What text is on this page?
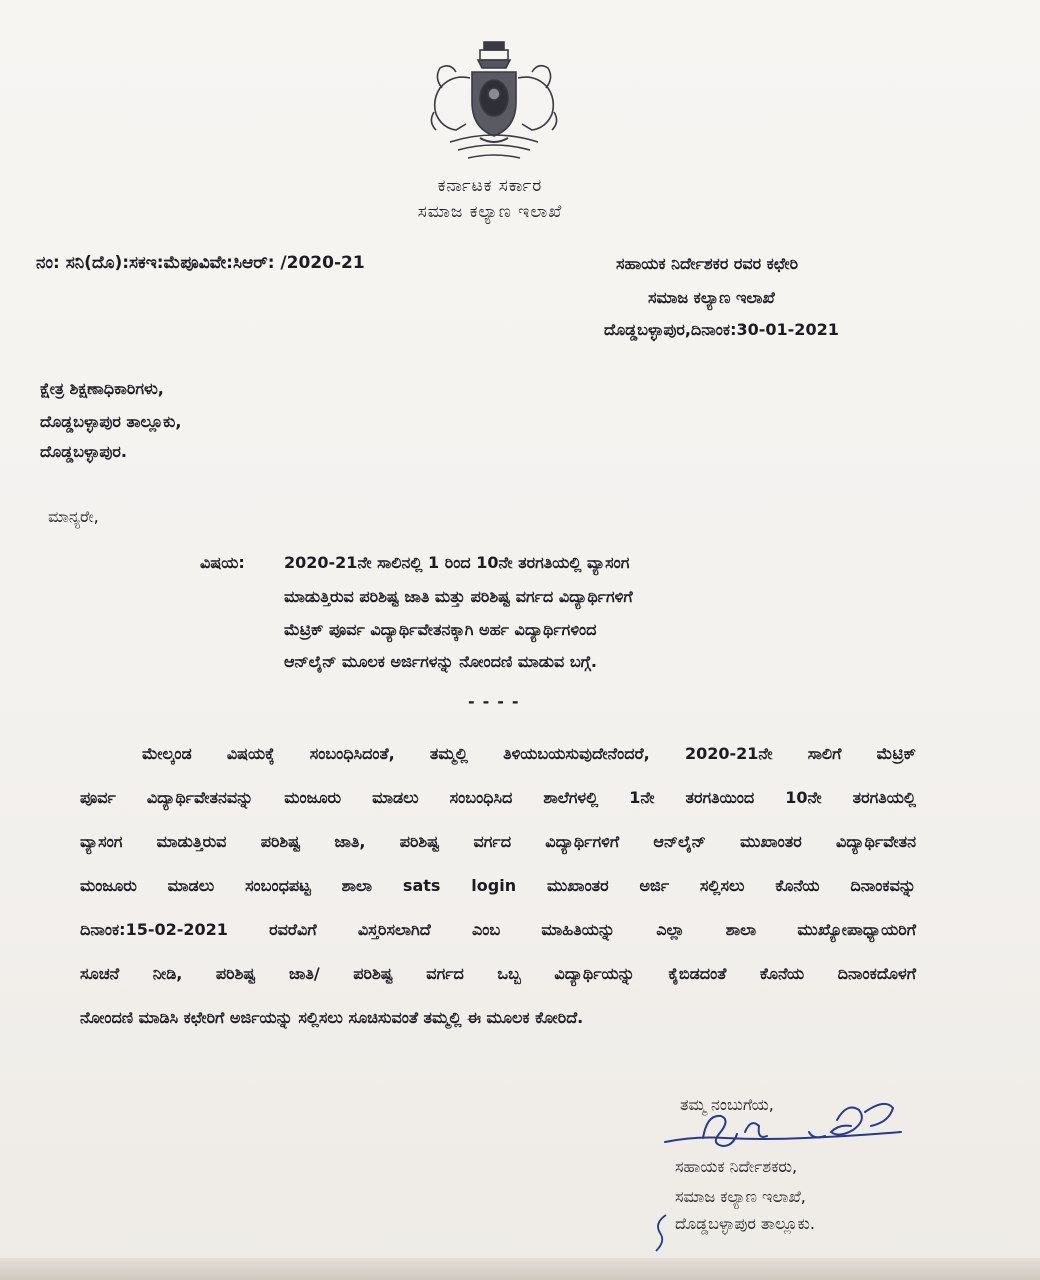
ಕರ್ನಾಟಕ ಸರ್ಕಾರ
ಸಮಾಜ ಕಲ್ಯಾಣ ಇಲಾಖೆ
ನಂ: ಸನಿ(ದೊ):ಸಕಇ:ಮೆಪೂವಿವೇ:ಸಿಆರ್: /2020-21	ಸಹಾಯಕ ನಿರ್ದೇಶಕರ ರವರ ಕಛೇರಿ
ಸಮಾಜ ಕಲ್ಯಾಣ ಇಲಾಖೆ
ದೊಡ್ಡಬಳ್ಳಾಪುರ,ದಿನಾಂಕ:30-01-2021
ಕ್ಷೇತ್ರ ಶಿಕ್ಷಣಾಧಿಕಾರಿಗಳು,
ದೊಡ್ಡಬಳ್ಳಾಪುರ ತಾಲ್ಲೂಕು,
ದೊಡ್ಡಬಳ್ಳಾಪುರ.
ಮಾನ್ಯರೇ,
ವಿಷಯ: 2020-21ನೇ ಸಾಲಿನಲ್ಲಿ 1 ರಿಂದ 10ನೇ ತರಗತಿಯಲ್ಲಿ ವ್ಯಾಸಂಗ
ಮಾಡುತ್ತಿರುವ ಪರಿಶಿಷ್ಟ ಜಾತಿ ಮತ್ತು ಪರಿಶಿಷ್ಟ ವರ್ಗದ ವಿದ್ಯಾರ್ಥಿಗಳಿಗೆ
ಮೆಟ್ರಿಕ್ ಪೂರ್ವ ವಿದ್ಯಾರ್ಥಿವೇತನಕ್ಕಾಗಿ ಅರ್ಹ ವಿದ್ಯಾರ್ಥಿಗಳಿಂದ
ಆನ್‌ಲೈನ್ ಮೂಲಕ ಅರ್ಜಿಗಳನ್ನು ನೋಂದಣಿ ಮಾಡುವ ಬಗ್ಗೆ.
----
ಮೇಲ್ಕಂಡ ವಿಷಯಕ್ಕೆ ಸಂಬಂಧಿಸಿದಂತೆ, ತಮ್ಮಲ್ಲಿ ತಿಳಿಯಬಯಸುವುದೇನೆಂದರೆ, 2020-21ನೇ ಸಾಲಿಗೆ ಮೆಟ್ರಿಕ್
ಪೂರ್ವ ವಿದ್ಯಾರ್ಥಿವೇತನವನ್ನು ಮಂಜೂರು ಮಾಡಲು ಸಂಬಂಧಿಸಿದ ಶಾಲೆಗಳಲ್ಲಿ 1ನೇ ತರಗತಿಯಿಂದ 10ನೇ ತರಗತಿಯಲ್ಲಿ
ವ್ಯಾಸಂಗ ಮಾಡುತ್ತಿರುವ ಪರಿಶಿಷ್ಟ ಜಾತಿ, ಪರಿಶಿಷ್ಟ ವರ್ಗದ ವಿದ್ಯಾರ್ಥಿಗಳಿಗೆ ಆನ್‌ಲೈನ್ ಮುಖಾಂತರ ವಿದ್ಯಾರ್ಥಿವೇತನ
ಮಂಜೂರು ಮಾಡಲು ಸಂಬಂಧಪಟ್ಟ ಶಾಲಾ sats login ಮುಖಾಂತರ ಅರ್ಜಿ ಸಲ್ಲಿಸಲು ಕೊನೆಯ ದಿನಾಂಕವನ್ನು
ದಿನಾಂಕ:15-02-2021 ರವರೆವಿಗೆ ವಿಸ್ತರಿಸಲಾಗಿದೆ ಎಂಬ ಮಾಹಿತಿಯನ್ನು ಎಲ್ಲಾ ಶಾಲಾ ಮುಖ್ಯೋಪಾಧ್ಯಾಯರಿಗೆ
ಸೂಚನೆ ನೀಡಿ, ಪರಿಶಿಷ್ಟ ಜಾತಿ/ ಪರಿಶಿಷ್ಟ ವರ್ಗದ ಒಬ್ಬ ವಿದ್ಯಾರ್ಥಿಯನ್ನು ಕೈಬಿಡದಂತೆ ಕೊನೆಯ ದಿನಾಂಕದೊಳಗೆ
ನೋಂದಣಿ ಮಾಡಿಸಿ ಕಛೇರಿಗೆ ಅರ್ಜಿಯನ್ನು ಸಲ್ಲಿಸಲು ಸೂಚಿಸುವಂತೆ ತಮ್ಮಲ್ಲಿ ಈ ಮೂಲಕ ಕೋರಿದೆ.
ತಮ್ಮ ನಂಬುಗೆಯ,
ಸಹಾಯಕ ನಿರ್ದೇಶಕರು,
ಸಮಾಜ ಕಲ್ಯಾಣ ಇಲಾಖೆ,
ದೊಡ್ಡಬಳ್ಳಾಪುರ ತಾಲ್ಲೂಕು.
